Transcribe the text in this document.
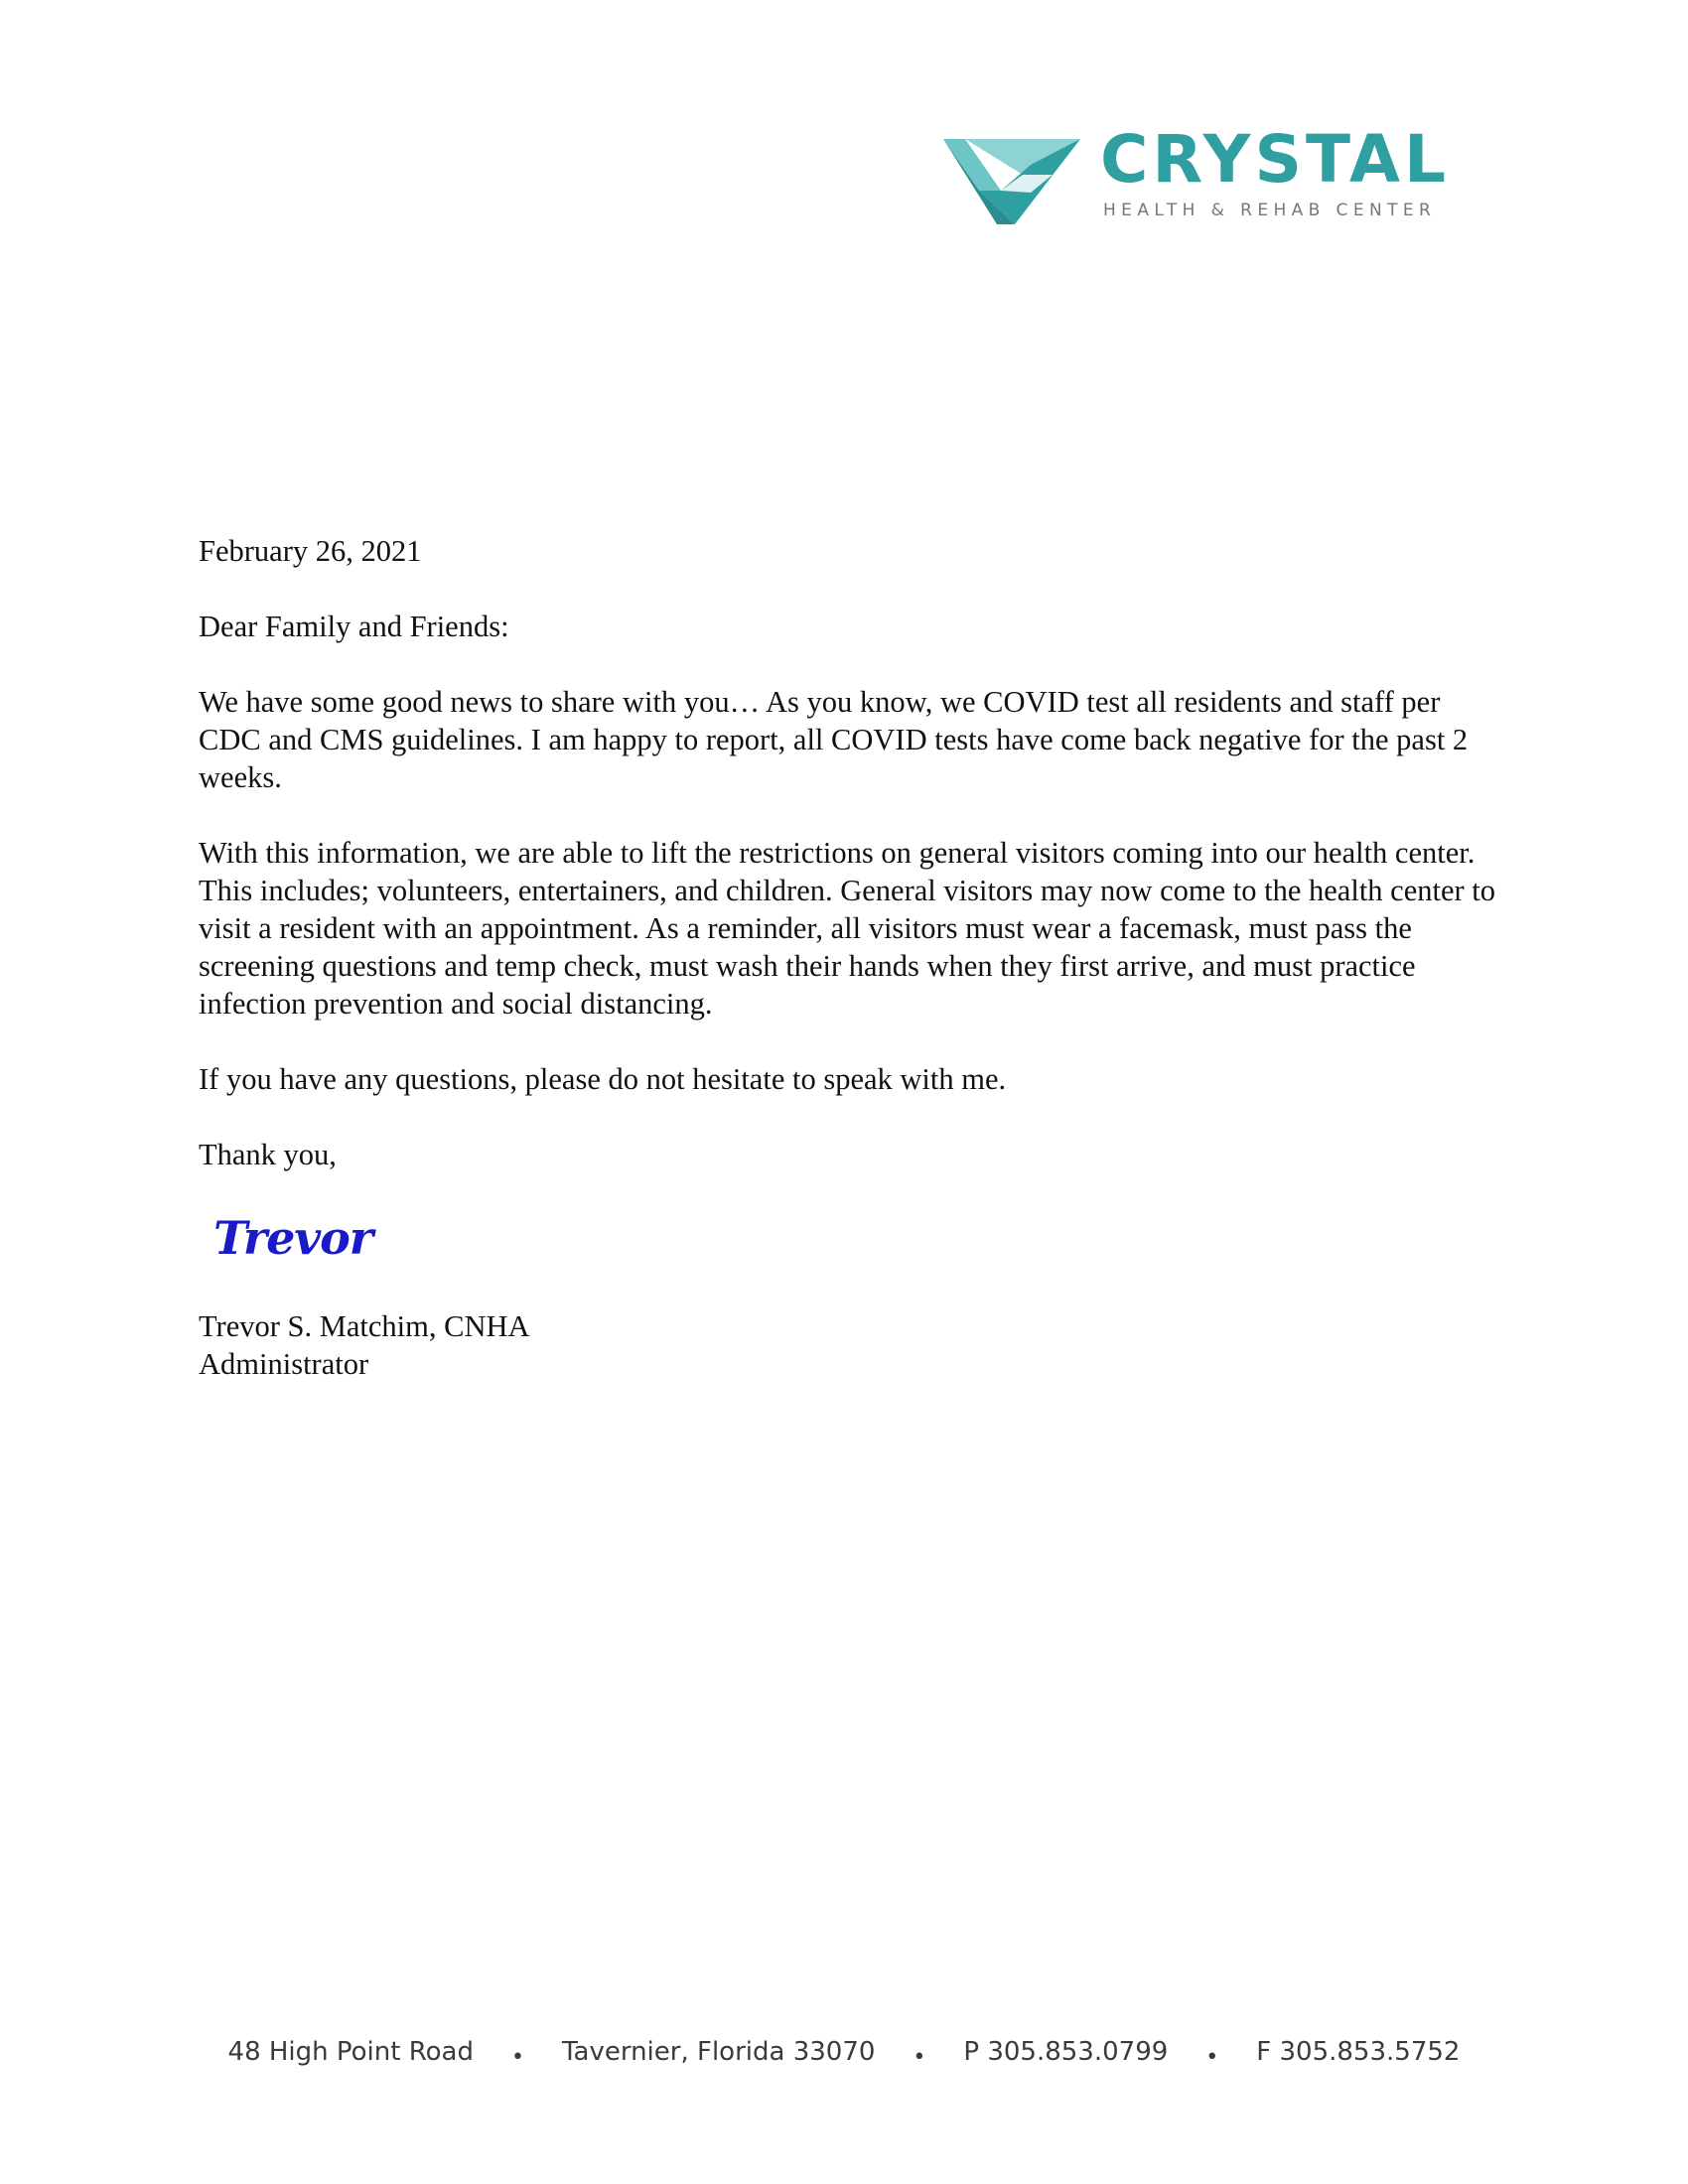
CRYSTAL
HEALTH & REHAB CENTER

February 26, 2021

Dear Family and Friends:

We have some good news to share with you… As you know, we COVID test all residents and staff per CDC and CMS guidelines. I am happy to report, all COVID tests have come back negative for the past 2 weeks.

With this information, we are able to lift the restrictions on general visitors coming into our health center. This includes; volunteers, entertainers, and children. General visitors may now come to the health center to visit a resident with an appointment. As a reminder, all visitors must wear a facemask, must pass the screening questions and temp check, must wash their hands when they first arrive, and must practice infection prevention and social distancing.

If you have any questions, please do not hesitate to speak with me.

Thank you,

Trevor
Trevor S. Matchim, CNHA
Administrator
48 High Point Road • Tavernier, Florida 33070 • P 305.853.0799 • F 305.853.5752
